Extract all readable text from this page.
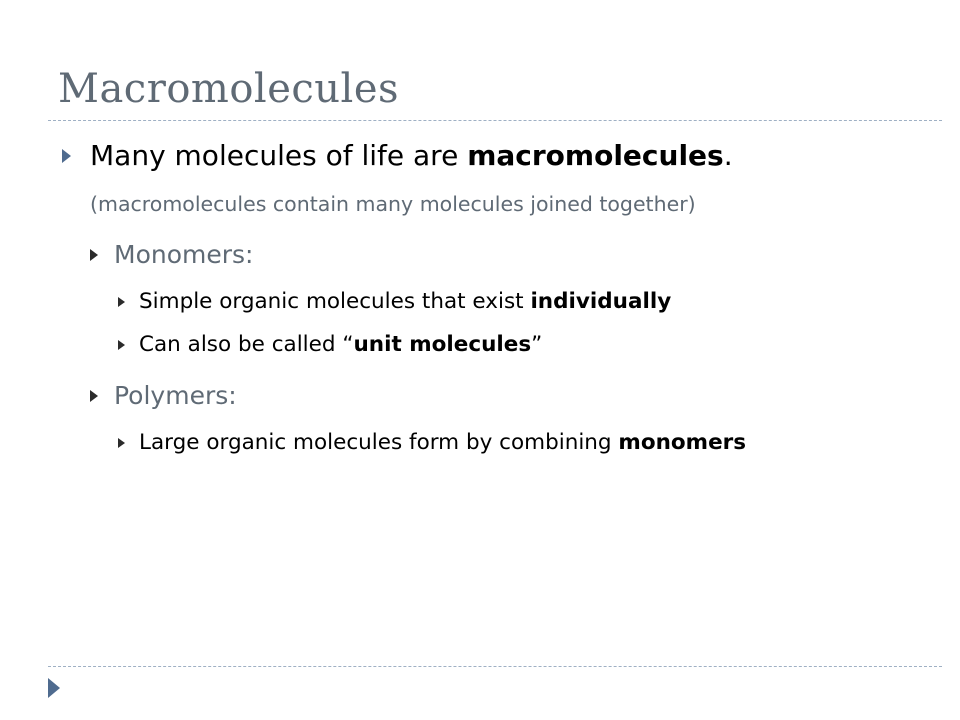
Macromolecules
Many molecules of life are macromolecules.
(macromolecules contain many molecules joined together)
Monomers:
Simple organic molecules that exist individually
Can also be called “unit molecules”
Polymers:
Large organic molecules form by combining monomers
